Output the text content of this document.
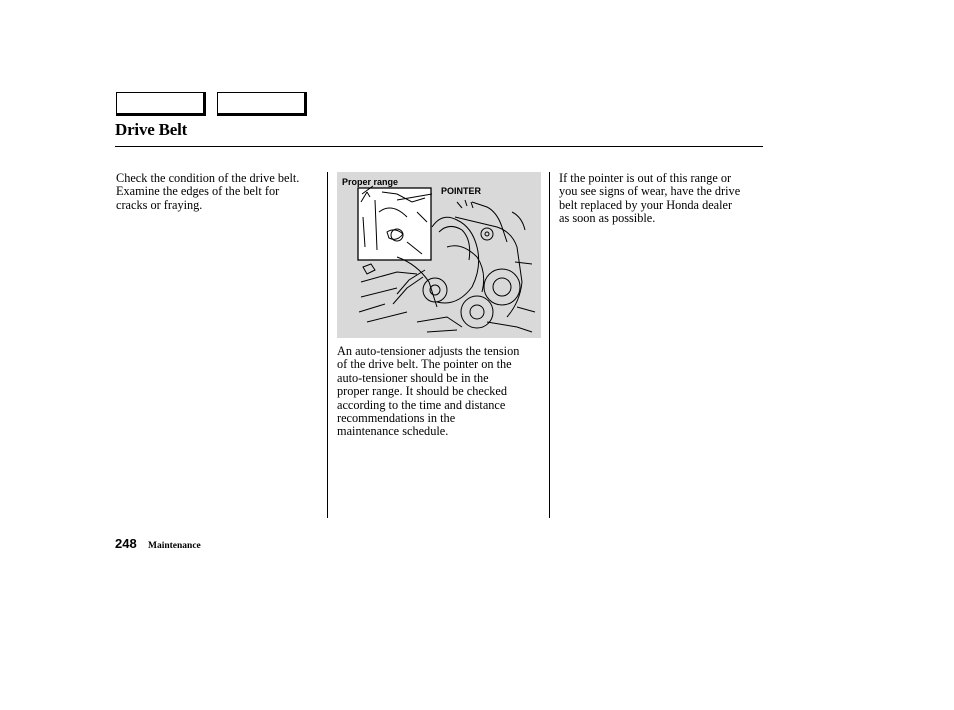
Drive Belt
Check the condition of the drive belt.
Examine the edges of the belt for
cracks or fraying.
Proper range
POINTER
An auto-tensioner adjusts the tension
of the drive belt. The pointer on the
auto-tensioner should be in the
proper range. It should be checked
according to the time and distance
recommendations in the
maintenance schedule.
If the pointer is out of this range or
you see signs of wear, have the drive
belt replaced by your Honda dealer
as soon as possible.
248 Maintenance
